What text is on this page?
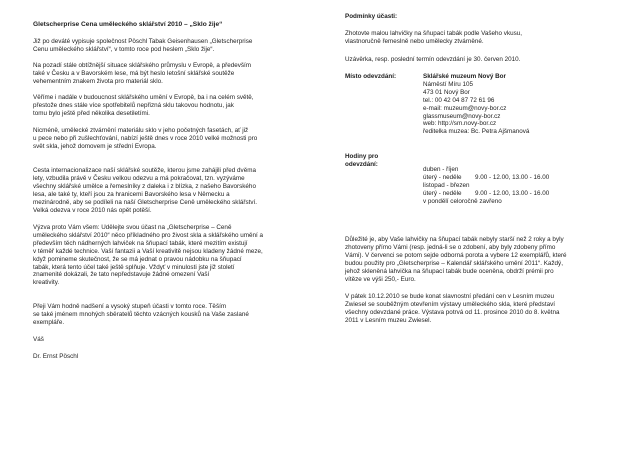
Gletscherprise Cena uměleckého sklářství 2010 – „Sklo žije“
Již po deváté vypisuje společnost Pöschl Tabak Geisenhausen „Gletscherprise
Cenu uměleckého sklářství“, v tomto roce pod heslem „Sklo žije“.
Na pozadí stále obtížnější situace sklářského průmyslu v Evropě, a především
také v Česku a v Bavorském lese, má být heslo letošní sklářské soutěže
vehementním znakem života pro materiál sklo.
Věříme i nadále v budoucnost sklářského umění v Evropě, ba i na celém světě,
přestože dnes stále více spotřebitelů nepřizná sklu takovou hodnotu, jak
tomu bylo ještě před několika desetiletími.
Nicméně, umělecké ztvárnění materiálu sklo v jeho početných fasetách, ať již
u pece nebo při zušlechťování, nabízí ještě dnes v roce 2010 velké možnosti pro
svět skla, jehož domovem je střední Evropa.
Cesta internacionalizace naší sklářské soutěže, kterou jsme zahájili před dvěma
lety, vzbudila právě v Česku velkou odezvu a má pokračovat, tzn. vyzýváme
všechny sklářské umělce a řemeslníky z daleka i z blízka, z našeho Bavorského
lesa, ale také ty, kteří jsou za hranicemi Bavorského lesa v Německu a
mezinárodně, aby se podíleli na naší Gletscherprise Ceně uměleckého sklářství.
Velká odezva v roce 2010 nás opět potěší.
Výzva proto Vám všem: Udělejte svou účast na „Gletscherprise – Ceně
uměleckého sklářství 2010“ něco příkladného pro živost skla a sklářského umění a
především těch nádherných lahviček na šňupací tabák, které mezitím existují
v téměř každé technice. Vaší fantazii a Vaší kreativitě nejsou kladeny žádné meze,
když pomineme skutečnost, že se má jednat o pravou nádobku na šňupací
tabák, která tento účel také ještě splňuje. Vždyť v minulosti jste již století
znamenité dokázali, že tato nepředstavuje žádné omezení Vaší
kreativity.
Přeji Vám hodně nadšení a vysoký stupeň účasti v tomto roce. Těším
se také jménem mnohých sběratelů těchto vzácných kousků na Vaše zaslané
exempláře.
Váš
Dr. Ernst Pöschl
Podmínky účasti:
Zhotovte malou lahvičky na šňupací tabák podle Vašeho vkusu,
vlastnoručně řemeslně nebo umělecky ztvárněné.
Uzávěrka, resp. poslední termín odevzdání je 30. červen 2010.
Místo odevzdání:	Sklářské muzeum Nový Bor
Náměstí Míru 105
473 01 Nový Bor
tel.: 00 42 04 87 72 61 96
e-mail: muzeum@novy-bor.cz
glassmuseum@novy-bor.cz
web: http://sm.novy-bor.cz
ředitelka muzea: Bc. Petra Ajšmanová
Hodiny pro
odevzdání:
duben - říjen
úterý - neděle 9.00 - 12.00, 13.00 - 16.00
listopad - březen
úterý - neděle 9.00 - 12.00, 13.00 - 16.00
v pondělí celoročně zavřeno
Důležité je, aby Vaše lahvičky na šňupací tabák nebyly starší než 2 roky a byly
zhotoveny přímo Vámi (resp. jedná-li se o zdobení, aby byly zdobeny přímo
Vámi). V červenci se potom sejde odborná porota a vybere 12 exemplářů, které
budou použity pro „Gletscherprise – Kalendář sklářského umění 2011“. Každý,
jehož skleněná lahvička na šňupací tabák bude oceněna, obdrží prémii pro
vítěze ve výši 250,- Euro.
V pátek 10.12.2010 se bude konat slavnostní předání cen v Lesním muzeu
Zwiesel se souběžným otevřením výstavy uměleckého skla, které představí
všechny odevzdané práce. Výstava potrvá od 11. prosince 2010 do 8. května
2011 v Lesním muzeu Zwiesel.
